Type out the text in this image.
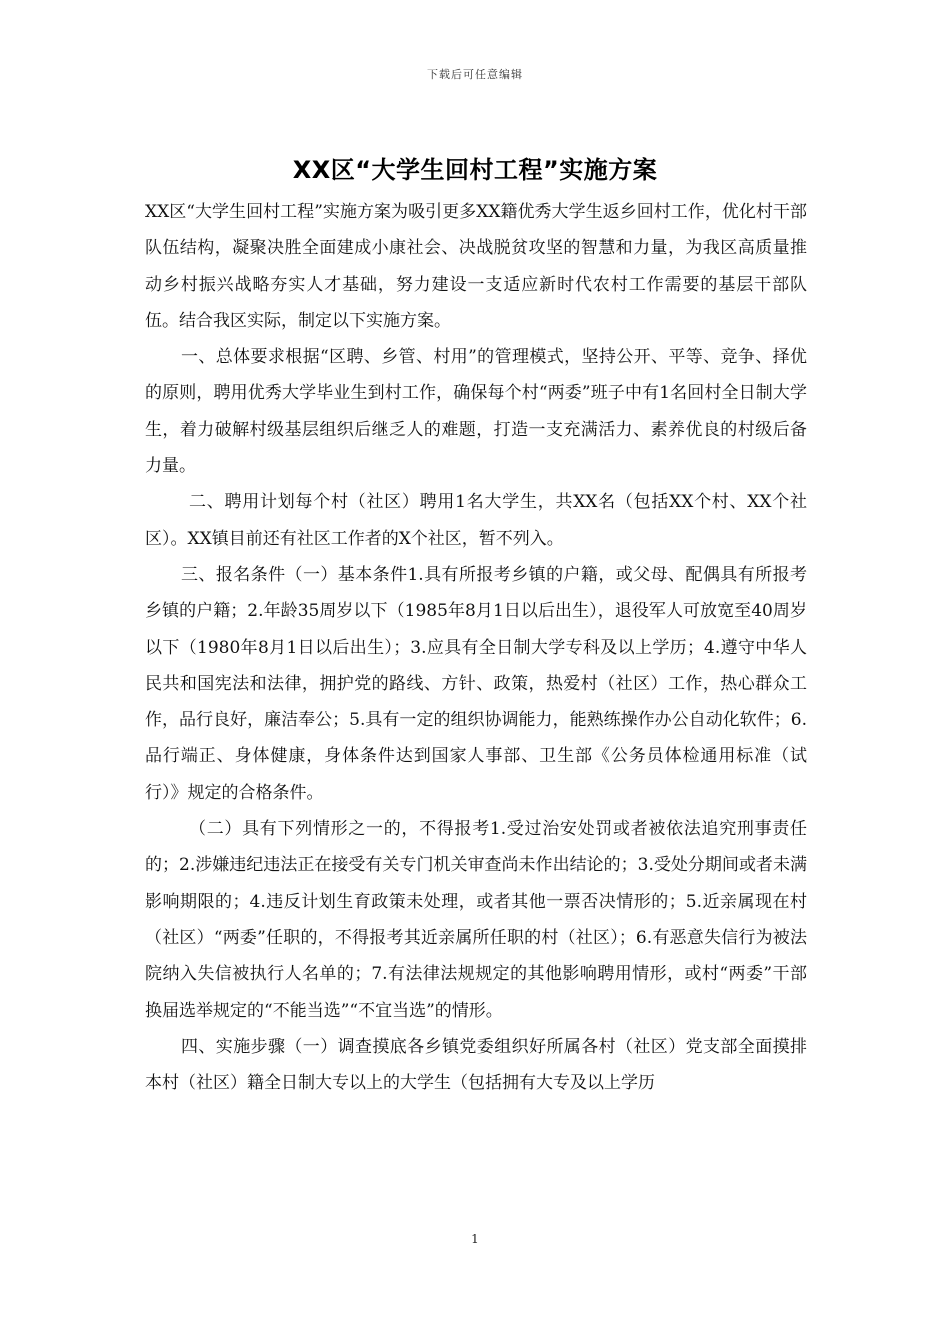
下载后可任意编辑
XX区“大学生回村工程”实施方案

XX区“大学生回村工程”实施方案为吸引更多XX籍优秀大学生返乡回村工作，优化村干部队伍结构，凝聚决胜全面建成小康社会、决战脱贫攻坚的智慧和力量，为我区高质量推动乡村振兴战略夯实人才基础，努力建设一支适应新时代农村工作需要的基层干部队伍。结合我区实际，制定以下实施方案。

一、总体要求根据“区聘、乡管、村用”的管理模式，坚持公开、平等、竞争、择优的原则，聘用优秀大学毕业生到村工作，确保每个村“两委”班子中有1名回村全日制大学生，着力破解村级基层组织后继乏人的难题，打造一支充满活力、素养优良的村级后备力量。

二、聘用计划每个村（社区）聘用1名大学生，共XX名（包括XX个村、XX个社区）。XX镇目前还有社区工作者的X个社区，暂不列入。

三、报名条件（一）基本条件1.具有所报考乡镇的户籍，或父母、配偶具有所报考乡镇的户籍；2.年龄35周岁以下（1985年8月1日以后出生），退役军人可放宽至40周岁以下（1980年8月1日以后出生）；3.应具有全日制大学专科及以上学历；4.遵守中华人民共和国宪法和法律，拥护党的路线、方针、政策，热爱村（社区）工作，热心群众工作，品行良好，廉洁奉公；5.具有一定的组织协调能力，能熟练操作办公自动化软件；6.品行端正、身体健康，身体条件达到国家人事部、卫生部《公务员体检通用标准（试行）》规定的合格条件。

（二）具有下列情形之一的，不得报考1.受过治安处罚或者被依法追究刑事责任的；2.涉嫌违纪违法正在接受有关专门机关审查尚未作出结论的；3.受处分期间或者未满影响期限的；4.违反计划生育政策未处理，或者其他一票否决情形的；5.近亲属现在村（社区）“两委”任职的，不得报考其近亲属所任职的村（社区）；6.有恶意失信行为被法院纳入失信被执行人名单的；7.有法律法规规定的其他影响聘用情形，或村“两委”干部换届选举规定的“不能当选”“不宜当选”的情形。

四、实施步骤（一）调查摸底各乡镇党委组织好所属各村（社区）党支部全面摸排本村（社区）籍全日制大专以上的大学生（包括拥有大专及以上学历

1
